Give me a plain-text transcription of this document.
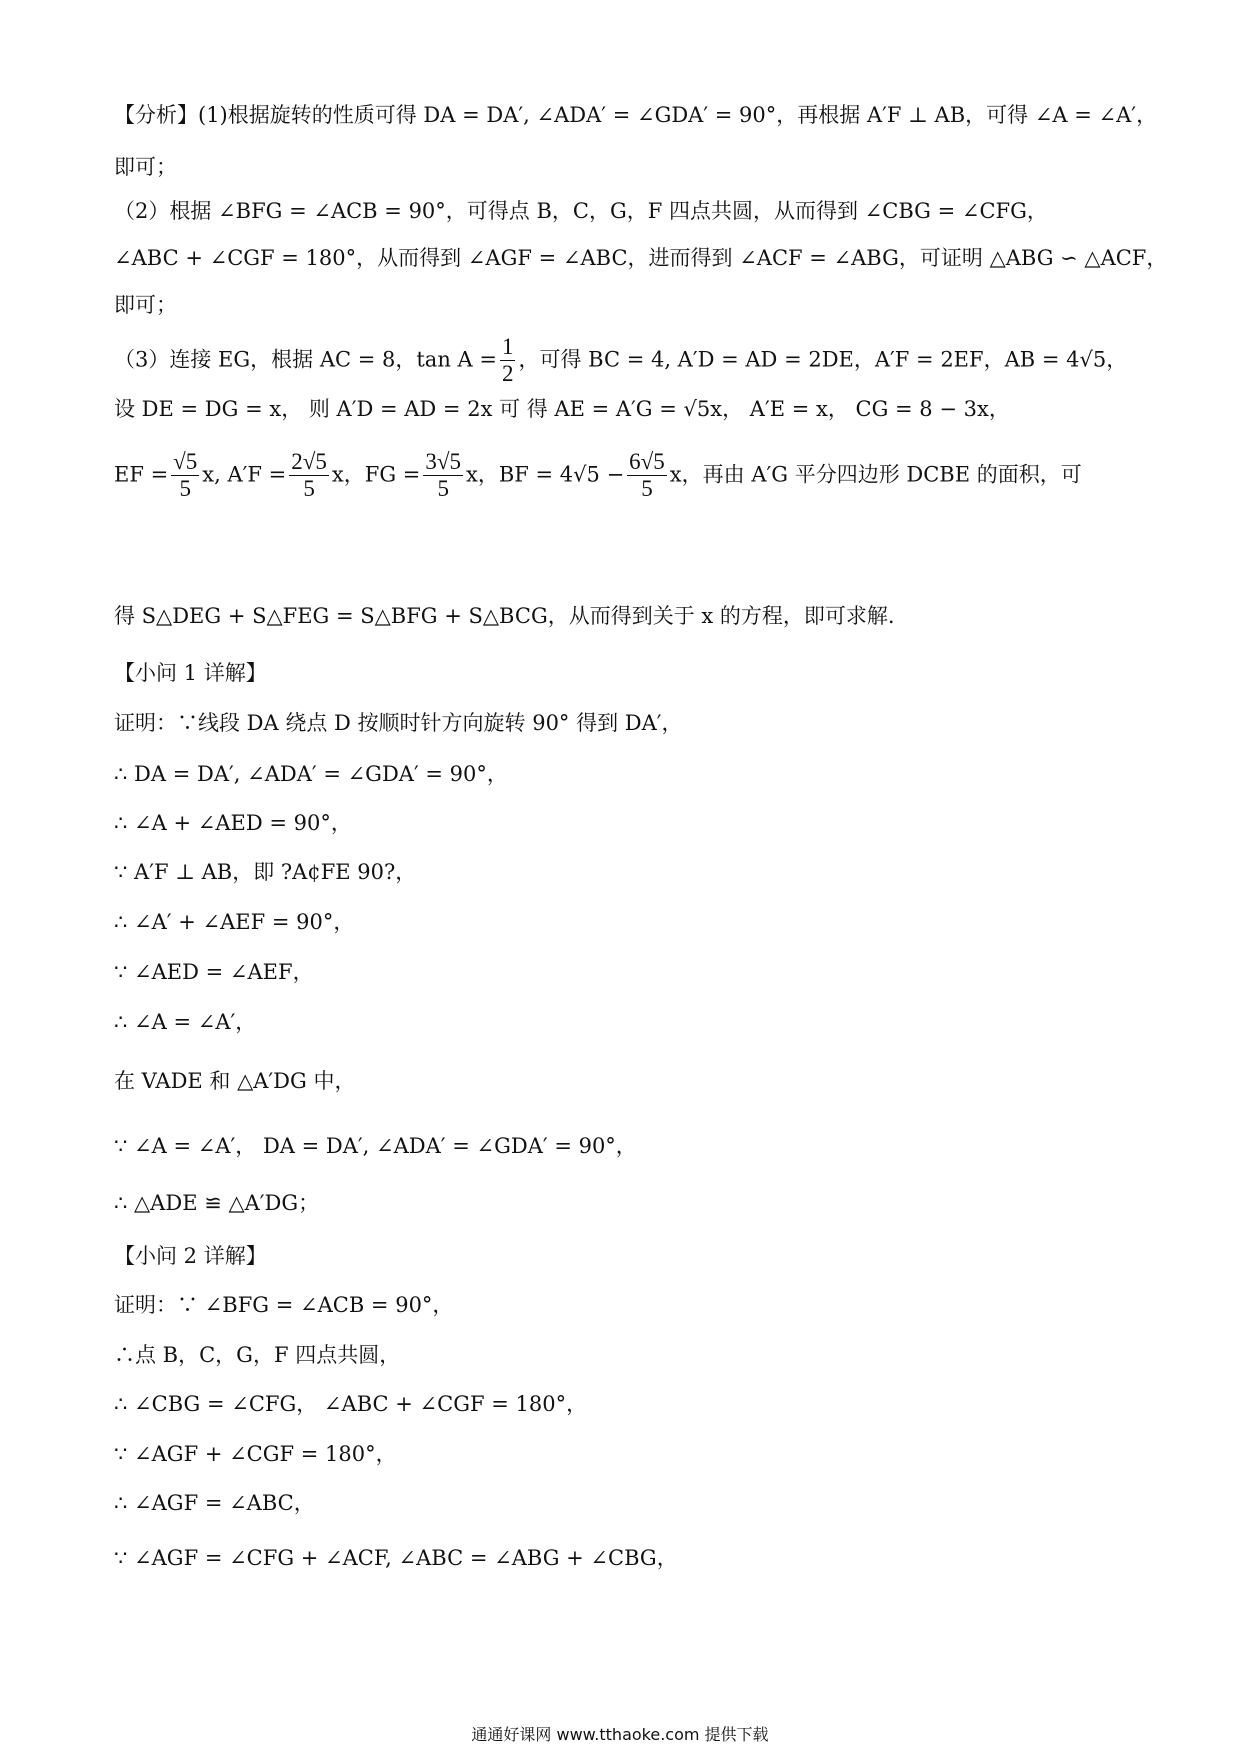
【分析】(1)根据旋转的性质可得 DA = DA′, ∠ADA′ = ∠GDA′ = 90°，再根据 A′F ⊥ AB，可得 ∠A = ∠A′，
即可；
（2）根据 ∠BFG = ∠ACB = 90°，可得点 B，C，G，F 四点共圆，从而得到 ∠CBG = ∠CFG，
∠ABC + ∠CGF = 180°，从而得到 ∠AGF = ∠ABC，进而得到 ∠ACF = ∠ABG，可证明 △ABG ∽ △ACF，
即可；
（3）连接 EG，根据 AC = 8，$\tan A = \frac{1}{2}$ ，可得 BC = 4, A′D = AD = 2DE，A′F = 2EF，AB = 4√5，
设 DE = DG = x， 则 A′D = AD = 2x 可 得 AE = A′G = √5x， A′E = x， CG = 8 − 3x，
EF = $\frac{√5}{5} x$, $A'F = \frac{2√5}{5}$ x，FG = $\frac{3√5}{5}$ x，BF = $4√5 - \frac{6√5}{5}$ x，再由 A′G 平分四边形 DCBE 的面积，可
得 S△DEG + S△FEG = S△BFG + S△BCG，从而得到关于 x 的方程，即可求解.
【小问 1 详解】
证明：∵线段 DA 绕点 D 按顺时针方向旋转 90° 得到 DA′，
∴ DA = DA′, ∠ADA′ = ∠GDA′ = 90°，
∴ ∠A + ∠AED = 90°，
∵ A′F ⊥ AB，即 ?A¢FE 90?，
∴ ∠A′ + ∠AEF = 90°，
∵ ∠AED = ∠AEF，
∴ ∠A = ∠A′，
在 VADE 和 △A′DG 中，
∵ ∠A = ∠A′， DA = DA′, ∠ADA′ = ∠GDA′ = 90°，
∴ △ADE ≌ △A′DG；
【小问 2 详解】
证明：∵ ∠BFG = ∠ACB = 90°，
∴点 B，C，G，F 四点共圆，
∴ ∠CBG = ∠CFG， ∠ABC + ∠CGF = 180°，
∵ ∠AGF + ∠CGF = 180°，
∴ ∠AGF = ∠ABC，
∵ ∠AGF = ∠CFG + ∠ACF, ∠ABC = ∠ABG + ∠CBG，
通通好课网 www.tthaoke.com 提供下载
